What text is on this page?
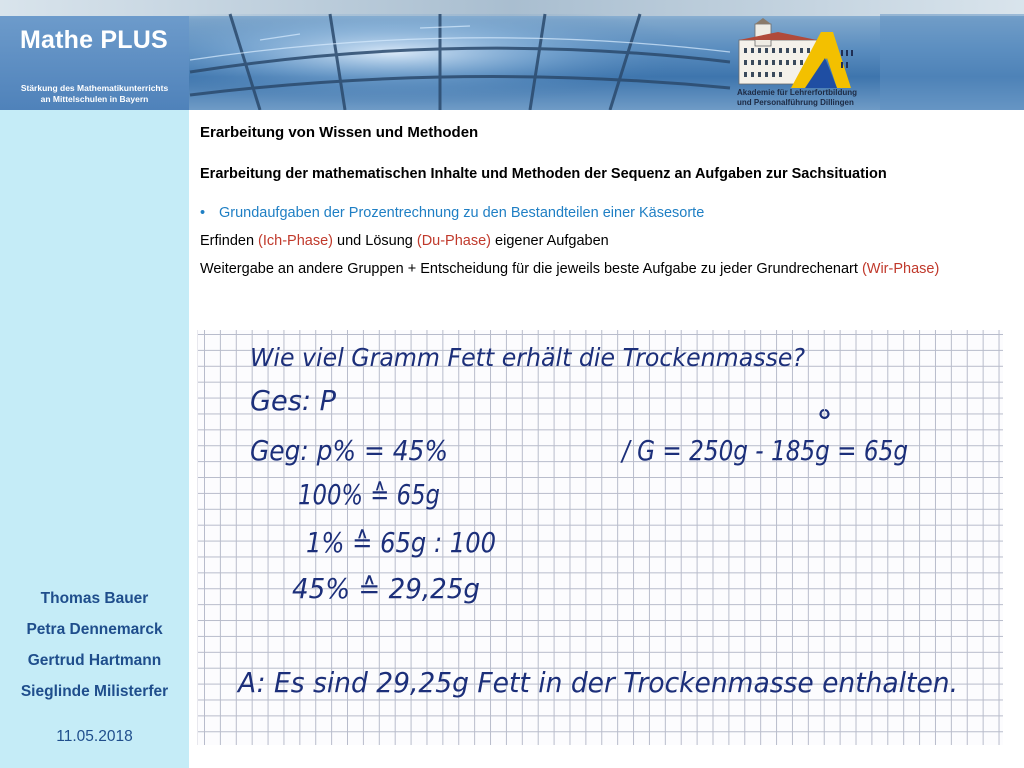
Mathe PLUS
Stärkung des Mathematikunterrichts
an Mittelschulen in Bayern
Akademie für Lehrerfortbildung
und Personalführung Dillingen
Thomas Bauer
Petra Dennemarck
Gertrud Hartmann
Sieglinde Milisterfer
11.05.2018
Erarbeitung von Wissen und Methoden
Erarbeitung der mathematischen Inhalte und Methoden der Sequenz an Aufgaben zur Sachsituation
• Grundaufgaben der Prozentrechnung zu den Bestandteilen einer Käsesorte
Erfinden (Ich-Phase) und Lösung (Du-Phase) eigener Aufgaben
Weitergabe an andere Gruppen + Entscheidung für die jeweils beste Aufgabe zu jeder Grundrechenart (Wir-Phase)
Wie viel Gramm Fett erhält die Trockenmasse?
Ges: P
Geg: p% = 45%	/ G = 250g - 185g = 65g
100% ≙ 65g
1% ≙ 65g : 100
45% ≙ 29,25g
A: Es sind 29,25g Fett in der Trockenmasse enthalten.
